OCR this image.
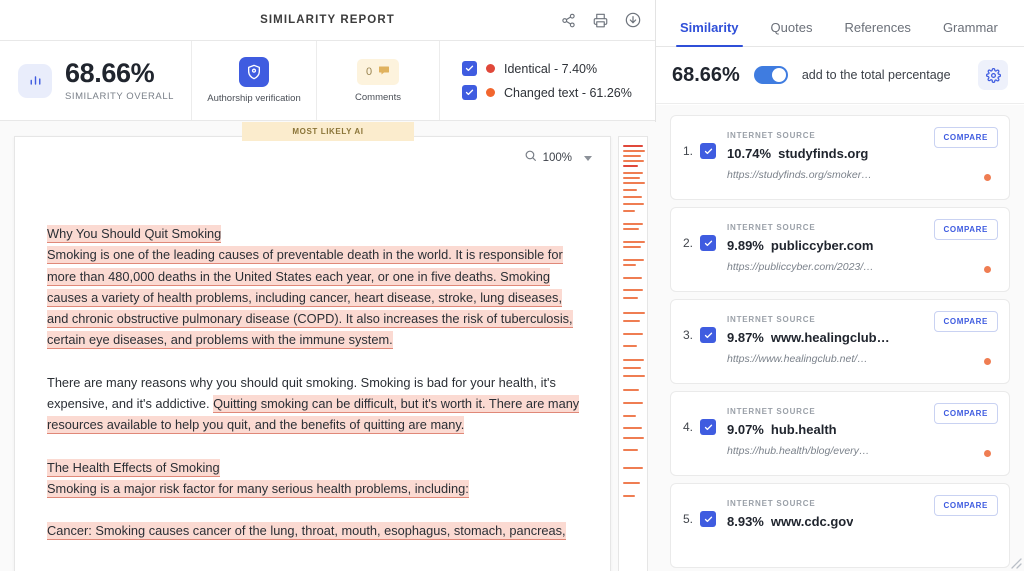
SIMILARITY REPORT
68.66%
SIMILARITY OVERALL	Authorship verification
0
Comments
Identical - 7.40%
Changed text - 61.26%
MOST LIKELY AI
100%

Why You Should Quit Smoking
Smoking is one of the leading causes of preventable death in the world. It is responsible for more than 480,000 deaths in the United States each year, or one in five deaths. Smoking causes a variety of health problems, including cancer, heart disease, stroke, lung diseases, and chronic obstructive pulmonary disease (COPD). It also increases the risk of tuberculosis, certain eye diseases, and problems with the immune system.

There are many reasons why you should quit smoking. Smoking is bad for your health, it's expensive, and it's addictive. Quitting smoking can be difficult, but it's worth it. There are many resources available to help you quit, and the benefits of quitting are many.

The Health Effects of Smoking
Smoking is a major risk factor for many serious health problems, including:

Cancer: Smoking causes cancer of the lung, throat, mouth, esophagus, stomach, pancreas,

Similarity	Quotes	References	Grammar
68.66%	add to the total percentage
1.
INTERNET SOURCE
10.74% studyfinds.org
https://studyfinds.org/smoker…
COMPARE
2.
INTERNET SOURCE
9.89% publiccyber.com
https://publiccyber.com/2023/…
COMPARE
3.
INTERNET SOURCE
9.87% www.healingclub…
https://www.healingclub.net/…
COMPARE
4.
INTERNET SOURCE
9.07% hub.health
https://hub.health/blog/every…
COMPARE
5.
INTERNET SOURCE
8.93% www.cdc.gov
COMPARE
